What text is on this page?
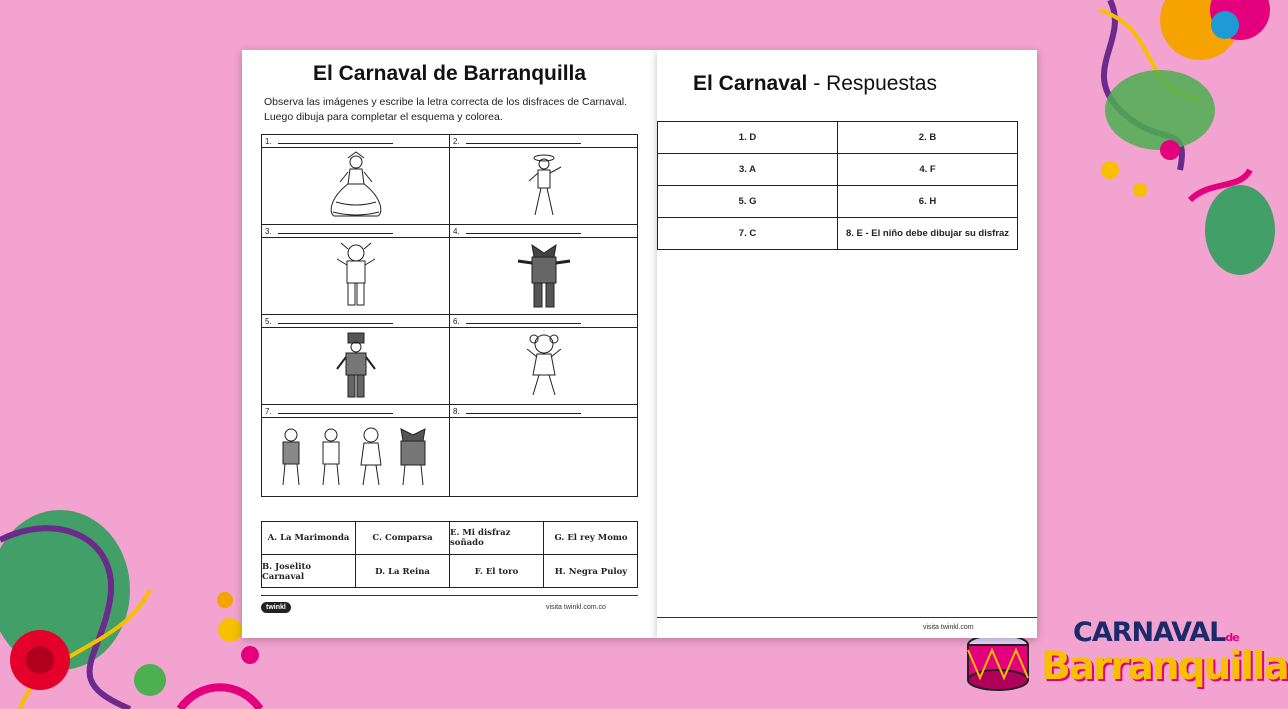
CARNAVALde
Barranquilla
El Carnaval de Barranquilla
Observa las imágenes y escribe la letra correcta de los disfraces de Carnaval. Luego dibuja para completar el esquema y colorea.
1.	2.
3.	4.
5.	6.
7.	8.
A. La Marimonda	C. Comparsa	E. Mi disfraz soñado	G. El rey Momo
B. Joselito Carnaval	D. La Reina	F. El toro	H. Negra Puloy
twinkl	visita twinkl.com.co
El Carnaval - Respuestas
1. D	2. B
3. A	4. F
5. G	6. H
7. C	8. E - El niño debe dibujar su disfraz
visita twinkl.com
